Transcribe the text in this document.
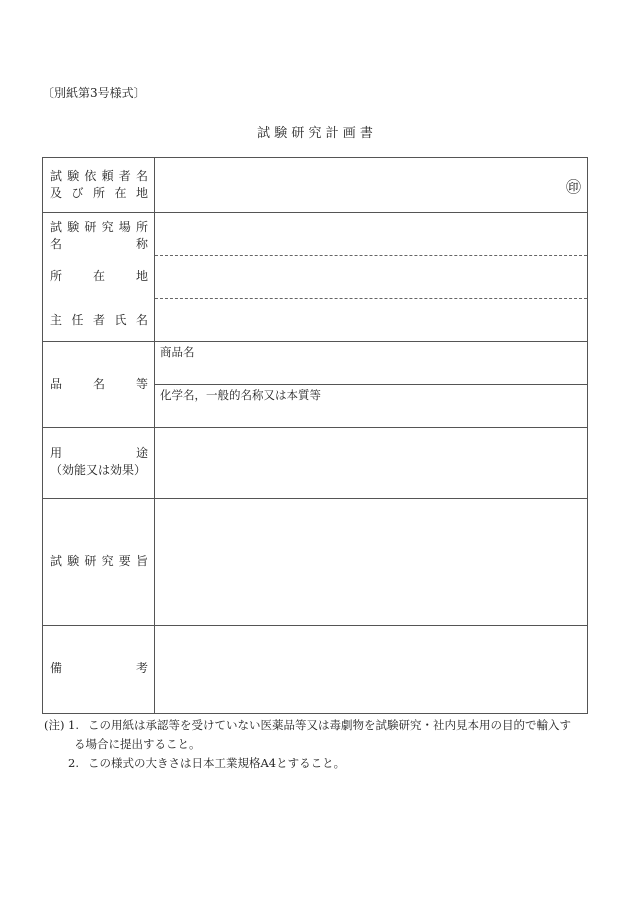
〔別紙第3号様式〕
試 験 研 究 計 画 書
試験依頼者名
及び所在地	㊞
試験研究場所
名	称
所在地
主任者氏名
品名等
商品名
化学名，一般的名称又は本質等
用途
（効能又は効果）
試験研究要旨
備考
(注) 1. この用紙は承認等を受けていない医薬品等又は毒劇物を試験研究・社内見本用の目的で輸入す
る場合に提出すること。
2. この様式の大きさは日本工業規格A4とすること。
